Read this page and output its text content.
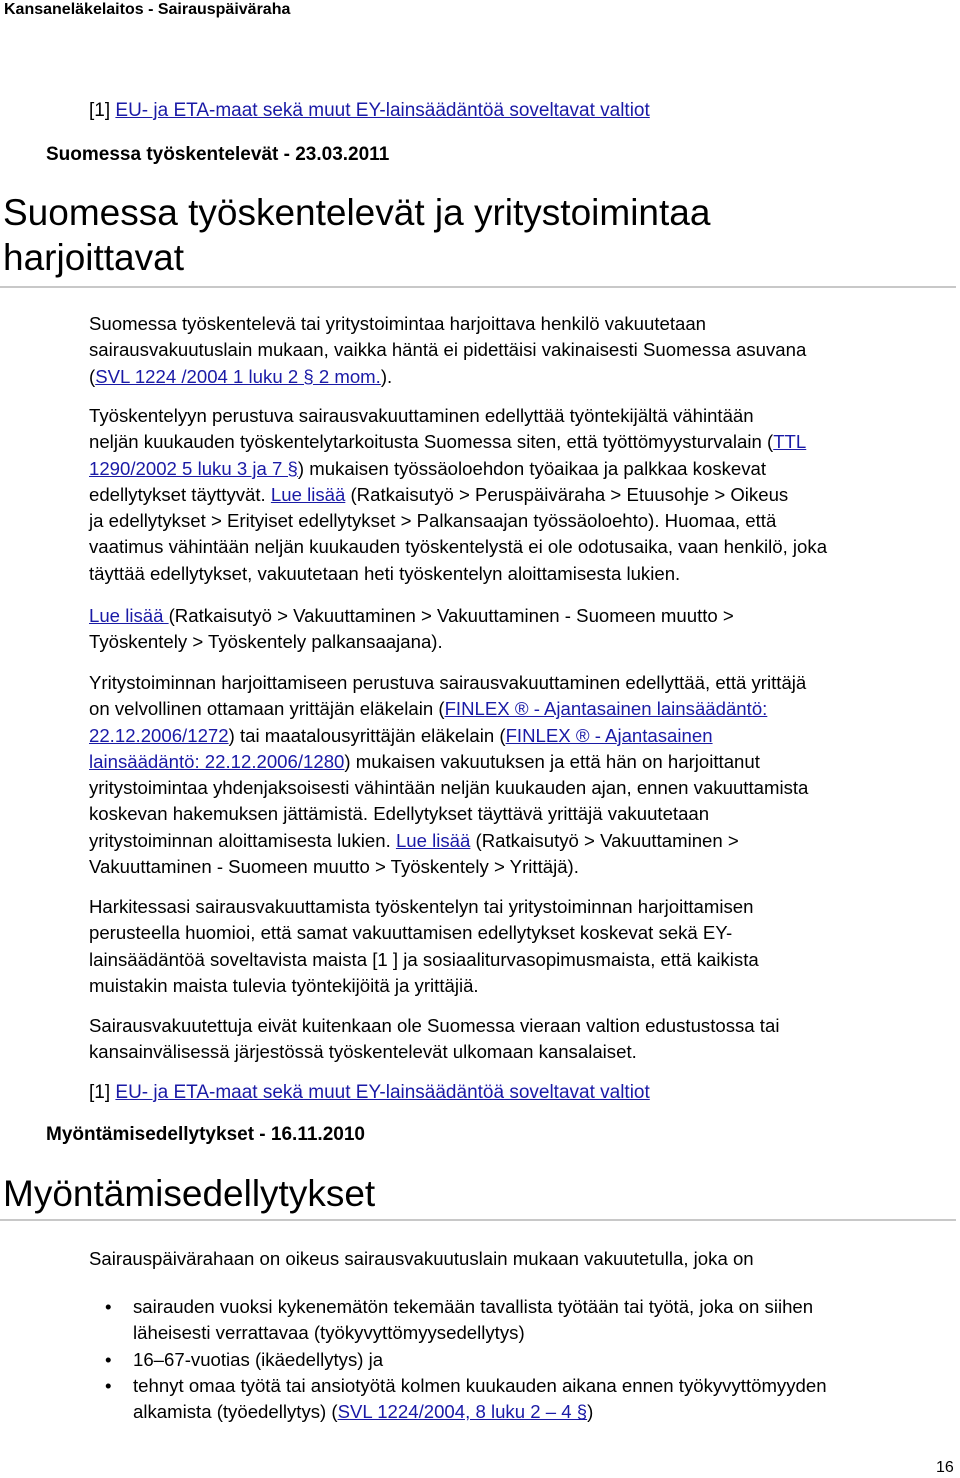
Kansaneläkelaitos - Sairauspäiväraha
[1] EU- ja ETA-maat sekä muut EY-lainsäädäntöä soveltavat valtiot
Suomessa työskentelevät - 23.03.2011
Suomessa työskentelevät ja yritystoimintaa
harjoittavat

Suomessa työskentelevä tai yritystoimintaa harjoittava henkilö vakuutetaan
sairausvakuutuslain mukaan, vaikka häntä ei pidettäisi vakinaisesti Suomessa asuvana
(SVL 1224 /2004 1 luku 2 § 2 mom.).

Työskentelyyn perustuva sairausvakuuttaminen edellyttää työntekijältä vähintään
neljän kuukauden työskentelytarkoitusta Suomessa siten, että työttömyysturvalain (TTL
1290/2002 5 luku 3 ja 7 §) mukaisen työssäoloehdon työaikaa ja palkkaa koskevat
edellytykset täyttyvät. Lue lisää (Ratkaisutyö > Peruspäiväraha > Etuusohje > Oikeus
ja edellytykset > Erityiset edellytykset > Palkansaajan työssäoloehto). Huomaa, että
vaatimus vähintään neljän kuukauden työskentelystä ei ole odotusaika, vaan henkilö, joka
täyttää edellytykset, vakuutetaan heti työskentelyn aloittamisesta lukien.

Lue lisää (Ratkaisutyö > Vakuuttaminen > Vakuuttaminen - Suomeen muutto >
Työskentely > Työskentely palkansaajana).

Yritystoiminnan harjoittamiseen perustuva sairausvakuuttaminen edellyttää, että yrittäjä
on velvollinen ottamaan yrittäjän eläkelain (FINLEX ® - Ajantasainen lainsäädäntö:
22.12.2006/1272) tai maatalousyrittäjän eläkelain (FINLEX ® - Ajantasainen
lainsäädäntö: 22.12.2006/1280) mukaisen vakuutuksen ja että hän on harjoittanut
yritystoimintaa yhdenjaksoisesti vähintään neljän kuukauden ajan, ennen vakuuttamista
koskevan hakemuksen jättämistä. Edellytykset täyttävä yrittäjä vakuutetaan
yritystoiminnan aloittamisesta lukien. Lue lisää (Ratkaisutyö > Vakuuttaminen >
Vakuuttaminen - Suomeen muutto > Työskentely > Yrittäjä).

Harkitessasi sairausvakuuttamista työskentelyn tai yritystoiminnan harjoittamisen
perusteella huomioi, että samat vakuuttamisen edellytykset koskevat sekä EY-
lainsäädäntöä soveltavista maista [1 ] ja sosiaaliturvasopimusmaista, että kaikista
muistakin maista tulevia työntekijöitä ja yrittäjiä.

Sairausvakuutettuja eivät kuitenkaan ole Suomessa vieraan valtion edustustossa tai
kansainvälisessä järjestössä työskentelevät ulkomaan kansalaiset.

[1] EU- ja ETA-maat sekä muut EY-lainsäädäntöä soveltavat valtiot
Myöntämisedellytykset - 16.11.2010
Myöntämisedellytykset

Sairauspäivärahaan on oikeus sairausvakuutuslain mukaan vakuutetulla, joka on

• sairauden vuoksi kykenemätön tekemään tavallista työtään tai työtä, joka on siihen
läheisesti verrattavaa (työkyvyttömyysedellytys)
• 16–67-vuotias (ikäedellytys) ja
• tehnyt omaa työtä tai ansiotyötä kolmen kuukauden aikana ennen työkyvyttömyyden
alkamista (työedellytys) (SVL 1224/2004, 8 luku 2 – 4 §)
16
